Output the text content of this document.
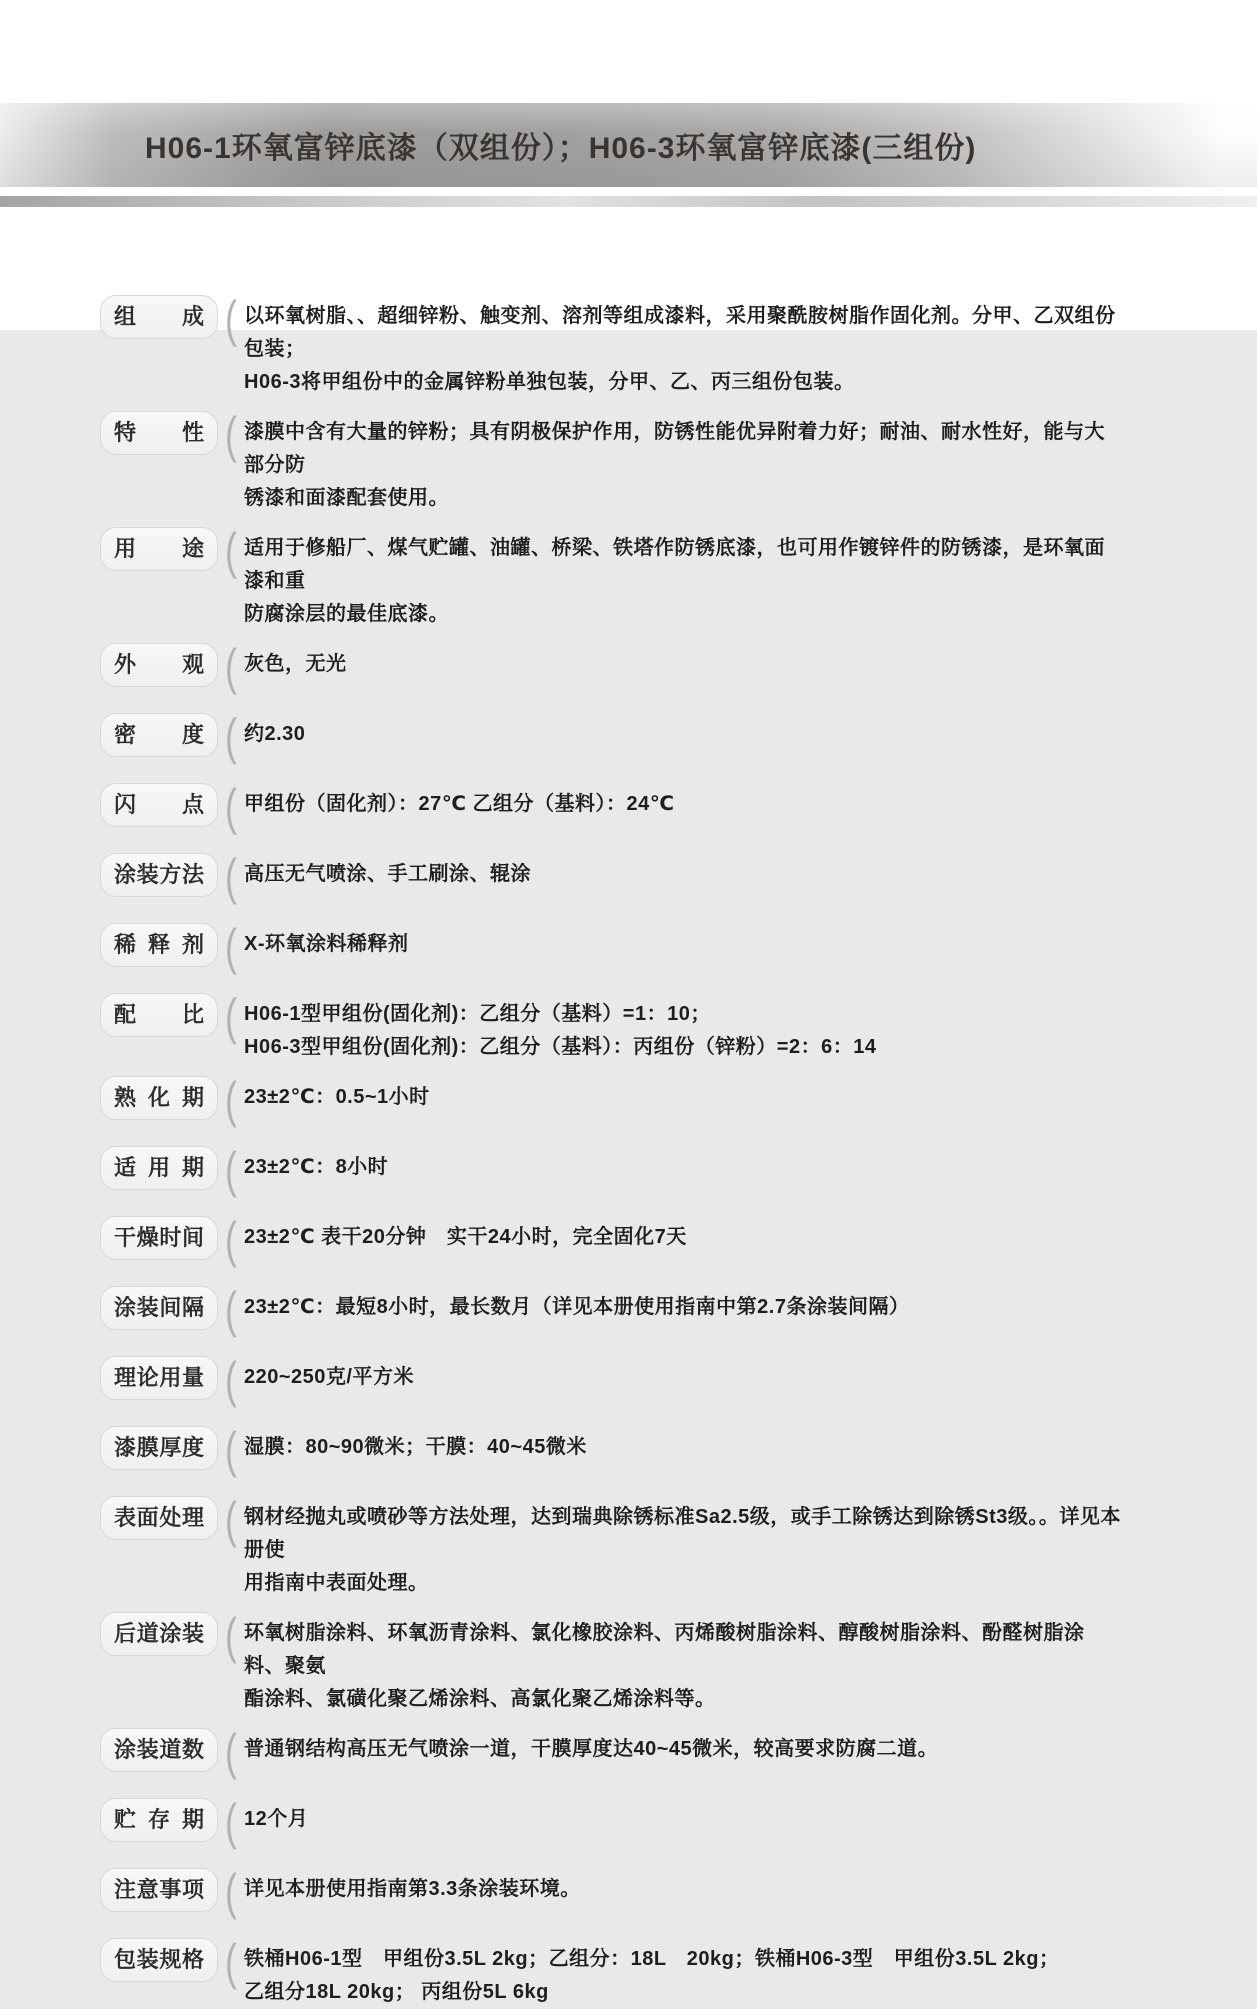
H06-1环氧富锌底漆（双组份）；H06-3环氧富锌底漆(三组份)
组成 ( 以环氧树脂、、超细锌粉、触变剂、溶剂等组成漆料，采用聚酰胺树脂作固化剂。分甲、乙双组份包装；
H06-3将甲组份中的金属锌粉单独包装，分甲、乙、丙三组份包装。
特性 ( 漆膜中含有大量的锌粉；具有阴极保护作用，防锈性能优异附着力好；耐油、耐水性好，能与大部分防
锈漆和面漆配套使用。
用途 ( 适用于修船厂、煤气贮罐、油罐、桥梁、铁塔作防锈底漆，也可用作镀锌件的防锈漆，是环氧面漆和重
防腐涂层的最佳底漆。
外观 ( 灰色，无光
密度 ( 约2.30
闪点 ( 甲组份（固化剂）：27℃ 乙组分（基料）：24℃
涂装方法 ( 高压无气喷涂、手工刷涂、辊涂
稀释剂 ( X-环氧涂料稀释剂
配比 ( H06-1型甲组份(固化剂)：乙组分（基料）=1：10；
H06-3型甲组份(固化剂)：乙组分（基料）：丙组份（锌粉）=2：6：14
熟化期 ( 23±2℃：0.5~1小时
适用期 ( 23±2℃：8小时
干燥时间 ( 23±2℃ 表干20分钟　实干24小时，完全固化7天
涂装间隔 ( 23±2℃：最短8小时，最长数月（详见本册使用指南中第2.7条涂装间隔）
理论用量 ( 220~250克/平方米
漆膜厚度 ( 湿膜：80~90微米；干膜：40~45微米
表面处理 ( 钢材经抛丸或喷砂等方法处理，达到瑞典除锈标准Sa2.5级，或手工除锈达到除锈St3级。。详见本册使
用指南中表面处理。
后道涂装 ( 环氧树脂涂料、环氧沥青涂料、氯化橡胶涂料、丙烯酸树脂涂料、醇酸树脂涂料、酚醛树脂涂料、聚氨
酯涂料、氯磺化聚乙烯涂料、高氯化聚乙烯涂料等。
涂装道数 ( 普通钢结构高压无气喷涂一道，干膜厚度达40~45微米，较高要求防腐二道。
贮存期 ( 12个月
注意事项 ( 详见本册使用指南第3.3条涂装环境。
包装规格 ( 铁桶H06-1型　甲组份3.5L 2kg；乙组分：18L　20kg；铁桶H06-3型　甲组份3.5L 2kg；
乙组分18L 20kg； 丙组份5L 6kg
